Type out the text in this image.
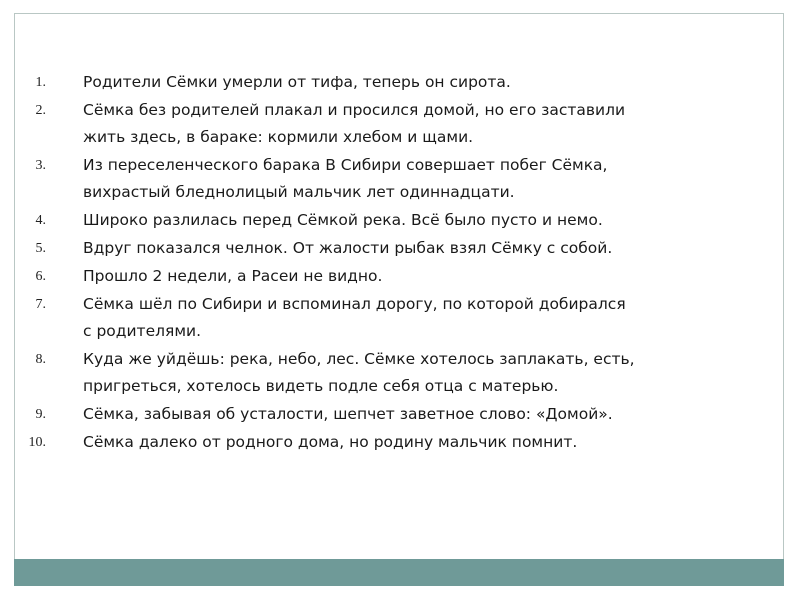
1. Родители Сёмки умерли от тифа, теперь он сирота.
2. Сёмка без родителей плакал и просился домой, но его заставили
жить здесь, в бараке: кормили хлебом и щами.
3. Из переселенческого барака В Сибири совершает побег Сёмка,
вихрастый бледнолицый мальчик лет одиннадцати.
4. Широко разлилась перед Сёмкой река. Всё было пусто и немо.
5. Вдруг показался челнок. От жалости рыбак взял Сёмку с собой.
6. Прошло 2 недели, а Расеи не видно.
7. Сёмка шёл по Сибири и вспоминал дорогу, по которой добирался
с родителями.
8. Куда же уйдёшь: река, небо, лес. Сёмке хотелось заплакать, есть,
пригреться, хотелось видеть подле себя отца с матерью.
9. Сёмка, забывая об усталости, шепчет заветное слово: «Домой».
10. Сёмка далеко от родного дома, но родину мальчик помнит.
